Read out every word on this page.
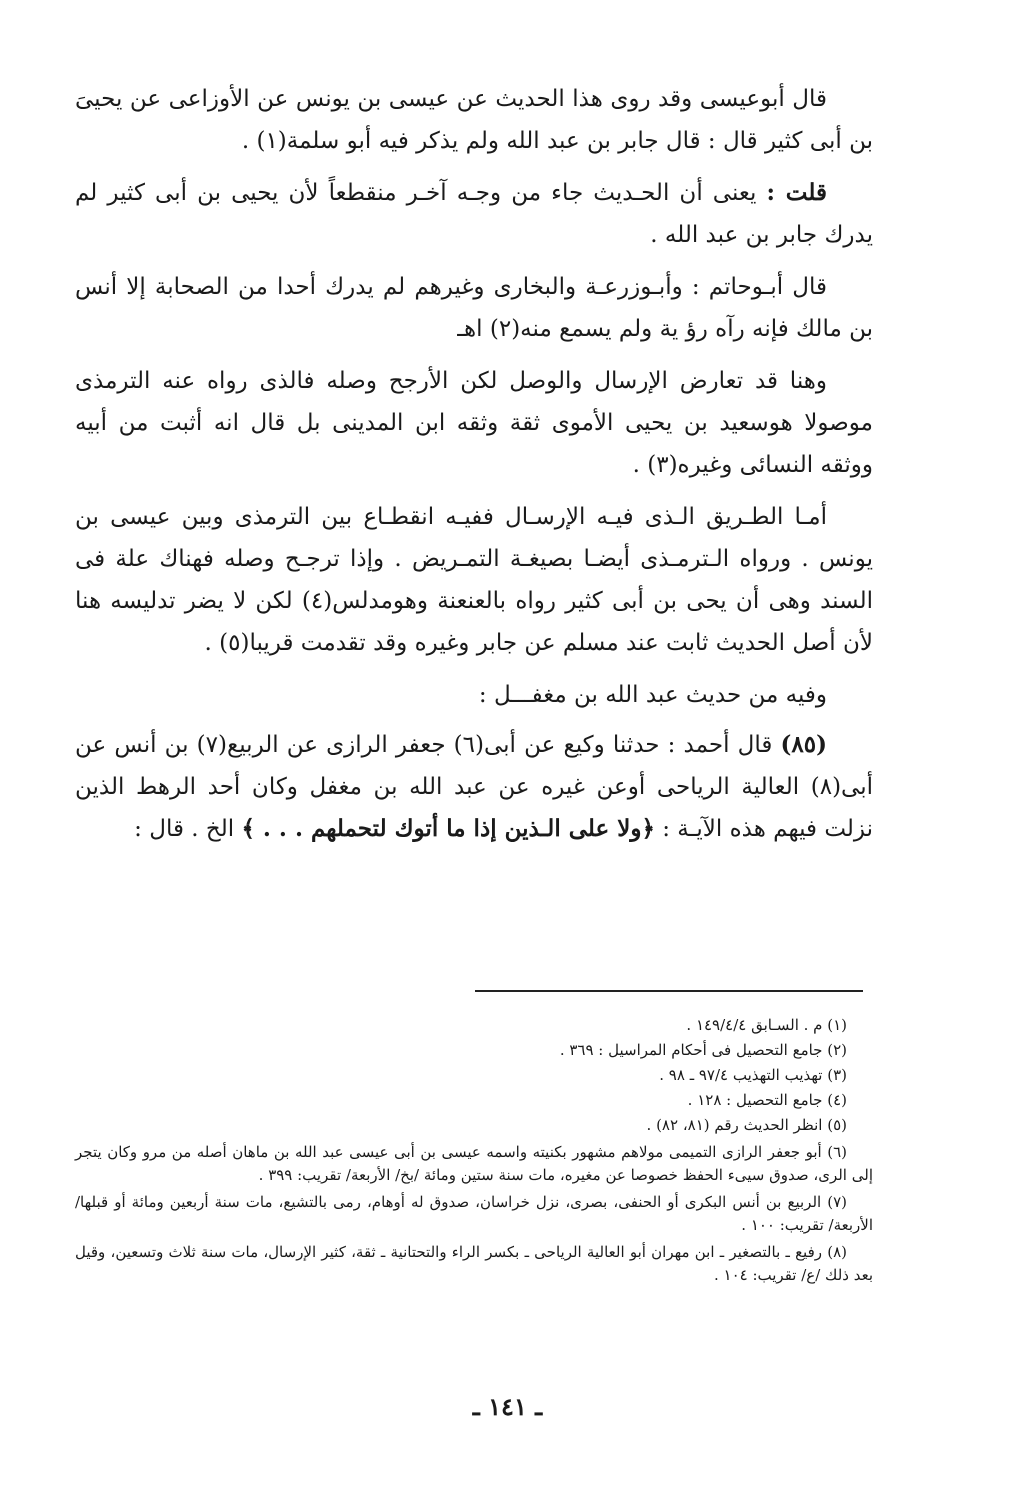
قال أبوعيسى وقد روى هذا الحديث عن عيسى بن يونس عن الأوزاعى عن يحيىَ بن أبى كثير قال : قال جابر بن عبد الله ولم يذكر فيه أبو سلمة(١) .

قلت : يعنى أن الحـديث جاء من وجـه آخـر منقطعاً لأن يحيى بن أبى كثير لم يدرك جابر بن عبد الله .

قال أبـوحاتم : وأبـوزرعـة والبخارى وغيرهم لم يدرك أحدا من الصحابة إلا أنس بن مالك فإنه رآه رؤ ية ولم يسمع منه(٢) اهـ

وهنا قد تعارض الإرسال والوصل لكن الأرجح وصله فالذى رواه عنه الترمذى موصولا هوسعيد بن يحيى الأموى ثقة وثقه ابن المدينى بل قال انه أثبت من أبيه ووثقه النسائى وغيره(٣) .

أمـا الطـريق الـذى فيـه الإرسـال ففيـه انقطـاع بين الترمذى وبين عيسى بن يونس . ورواه الـترمـذى أيضـا بصيغـة التمـريض . وإذا ترجـح وصله فهناك علة فى السند وهى أن يحى بن أبى كثير رواه بالعنعنة وهومدلس(٤) لكن لا يضر تدليسه هنا لأن أصل الحديث ثابت عند مسلم عن جابر وغيره وقد تقدمت قريبا(٥) .

وفيه من حديث عبد الله بن مغفـــل :

(٨٥) قال أحمد : حدثنا وكيع عن أبى(٦) جعفر الرازى عن الربيع(٧) بن أنس عن أبى(٨) العالية الرياحى أوعن غيره عن عبد الله بن مغفل وكان أحد الرهط الذين نزلت فيهم هذه الآيـة : ﴿ولا على الـذين إذا ما أتوك لتحملهم . . . ﴾ الخ . قال :

(١) م . السـابق ١٤٩/٤/٤ .

(٢) جامع التحصيل فى أحكام المراسيل : ٣٦٩ .

(٣) تهذيب التهذيب ٩٧/٤ ـ ٩٨ .

(٤) جامع التحصيل : ١٢٨ .

(٥) انظر الحديث رقم (٨١، ٨٢) .

(٦) أبو جعفر الرازى التميمى مولاهم مشهور بكنيته واسمه عيسى بن أبى عيسى عبد الله بن ماهان أصله من مرو وكان يتجر إلى الرى، صدوق سيىء الحفظ خصوصا عن مغيره، مات سنة ستين ومائة /بخ/ الأربعة/ تقريب: ٣٩٩ .

(٧) الربيع بن أنس البكرى أو الحنفى، بصرى، نزل خراسان، صدوق له أوهام، رمى بالتشيع، مات سنة أربعين ومائة أو قبلها/ الأربعة/ تقريب: ١٠٠ .

(٨) رفيع ـ بالتصغير ـ ابن مهران أبو العالية الرياحى ـ بكسر الراء والتحتانية ـ ثقة، كثير الإرسال، مات سنة ثلاث وتسعين، وقيل بعد ذلك /ع/ تقريب: ١٠٤ .

ـ ١٤١ ـ
